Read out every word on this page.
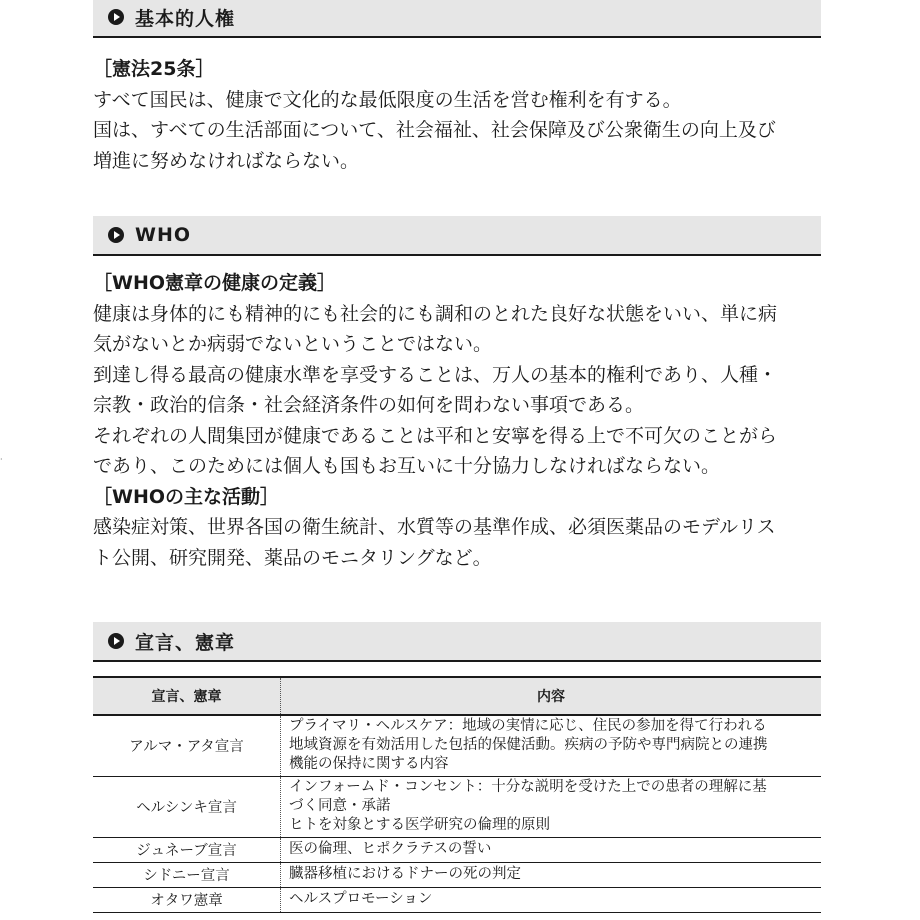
·
基本的人権

［憲法25条］

すべて国民は、健康で文化的な最低限度の生活を営む権利を有する。

国は、すべての生活部面について、社会福祉、社会保障及び公衆衛生の向上及び

増進に努めなければならない。

WHO

［WHO憲章の健康の定義］

健康は身体的にも精神的にも社会的にも調和のとれた良好な状態をいい、単に病

気がないとか病弱でないということではない。

到達し得る最高の健康水準を享受することは、万人の基本的権利であり、人種・

宗教・政治的信条・社会経済条件の如何を問わない事項である。

それぞれの人間集団が健康であることは平和と安寧を得る上で不可欠のことがら

であり、このためには個人も国もお互いに十分協力しなければならない。

［WHOの主な活動］

感染症対策、世界各国の衛生統計、水質等の基準作成、必須医薬品のモデルリス

ト公開、研究開発、薬品のモニタリングなど。

宣言、憲章
宣言、憲章	内容
アルマ・アタ宣言	プライマリ・ヘルスケア：地域の実情に応じ、住民の参加を得て行われる
地域資源を有効活用した包括的保健活動。疾病の予防や専門病院との連携
機能の保持に関する内容

ヘルシンキ宣言	インフォームド・コンセント：十分な説明を受けた上での患者の理解に基
づく同意・承諾
ヒトを対象とする医学研究の倫理的原則

ジュネーブ宣言	医の倫理、ヒポクラテスの誓い

シドニー宣言	臓器移植におけるドナーの死の判定

オタワ憲章	ヘルスプロモーション
